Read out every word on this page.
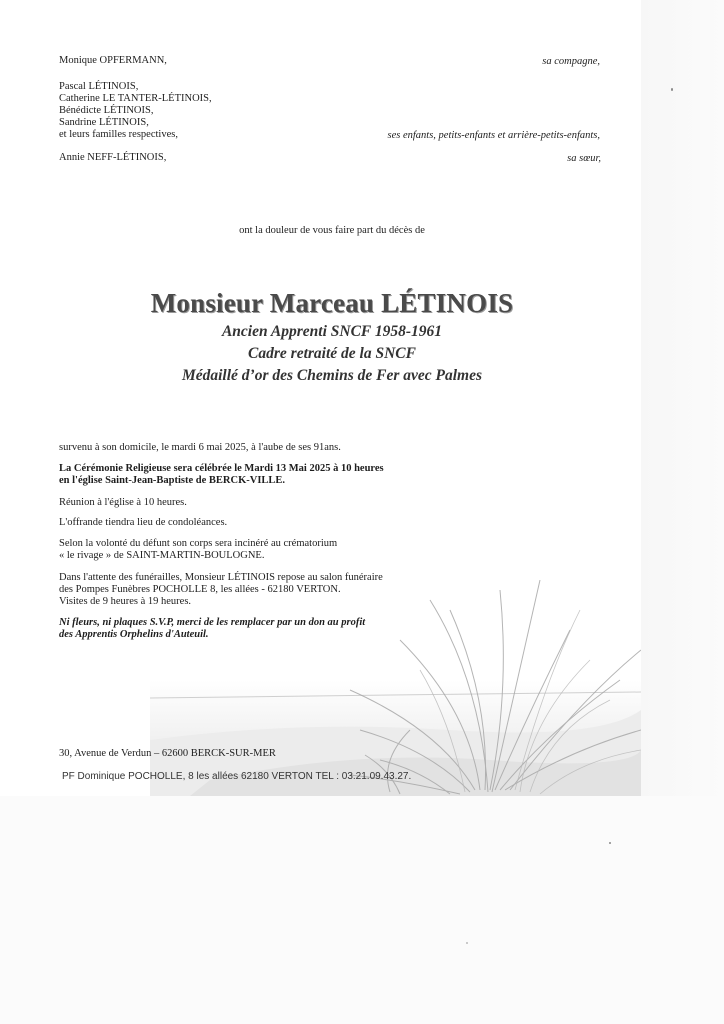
Monique OPFERMANN,	sa compagne,
Pascal LÉTINOIS,
Catherine LE TANTER-LÉTINOIS,
Bénédicte LÉTINOIS,
Sandrine LÉTINOIS,
et leurs familles respectives,	ses enfants, petits-enfants et arrière-petits-enfants,
Annie NEFF-LÉTINOIS,	sa sœur,
ont la douleur de vous faire part du décès de
Monsieur Marceau LÉTINOIS
Ancien Apprenti SNCF 1958-1961
Cadre retraité de la SNCF
Médaillé d’or des Chemins de Fer avec Palmes
survenu à son domicile, le mardi 6 mai 2025, à l'aube de ses 91ans.
La Cérémonie Religieuse sera célébrée le Mardi 13 Mai 2025 à 10 heures
en l'église Saint-Jean-Baptiste de BERCK-VILLE.
Réunion à l'église à 10 heures.
L'offrande tiendra lieu de condoléances.
Selon la volonté du défunt son corps sera incinéré au crématorium
« le rivage » de SAINT-MARTIN-BOULOGNE.
Dans l'attente des funérailles, Monsieur LÉTINOIS repose au salon funéraire
des Pompes Funèbres POCHOLLE 8, les allées - 62180 VERTON.
Visites de 9 heures à 19 heures.
Ni fleurs, ni plaques S.V.P, merci de les remplacer par un don au profit
des Apprentis Orphelins d'Auteuil.
30, Avenue de Verdun – 62600 BERCK-SUR-MER
PF Dominique POCHOLLE, 8 les allées 62180 VERTON TEL : 03.21.09.43.27.
